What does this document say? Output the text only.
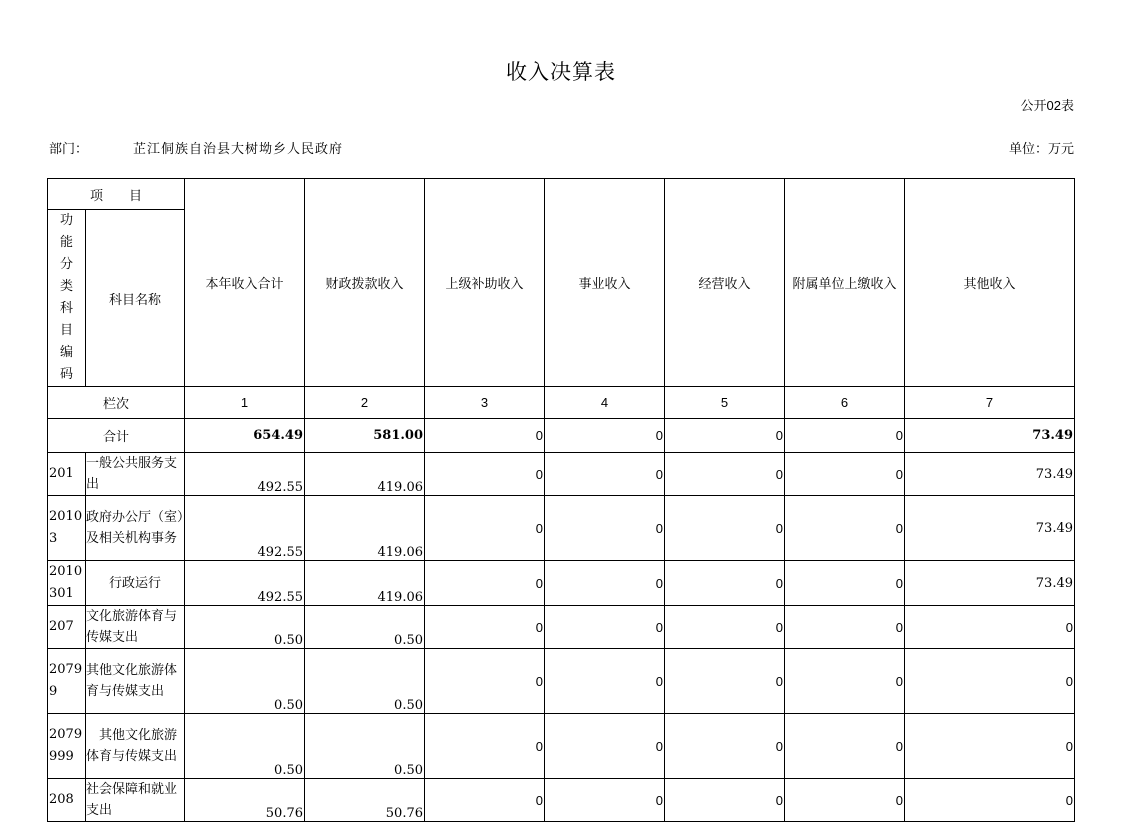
收入决算表
公开02表
部门：	芷江侗族自治县大树坳乡人民政府	单位：万元
项　　目		本年收入合计	财政拨款收入	上级补助收入	事业收入	经营收入	附属单位上缴收入	其他收入
功能分类科目编码	科目名称							
栏次		1	2	3	4	5	6	7
合计		654.49	581.00	0	0	0	0	73.49
201	一般公共服务支出	492.55	419.06	0	0	0	0	73.49
20103	政府办公厅（室）及相关机构事务	492.55	419.06	0	0	0	0	73.49
2010301	行政运行	492.55	419.06	0	0	0	0	73.49
207	文化旅游体育与传媒支出	0.50	0.50	0	0	0	0	0
20799	其他文化旅游体育与传媒支出	0.50	0.50	0	0	0	0	0
2079999	其他文化旅游体育与传媒支出	0.50	0.50	0	0	0	0	0
208	社会保障和就业支出	50.76	50.76	0	0	0	0	0
